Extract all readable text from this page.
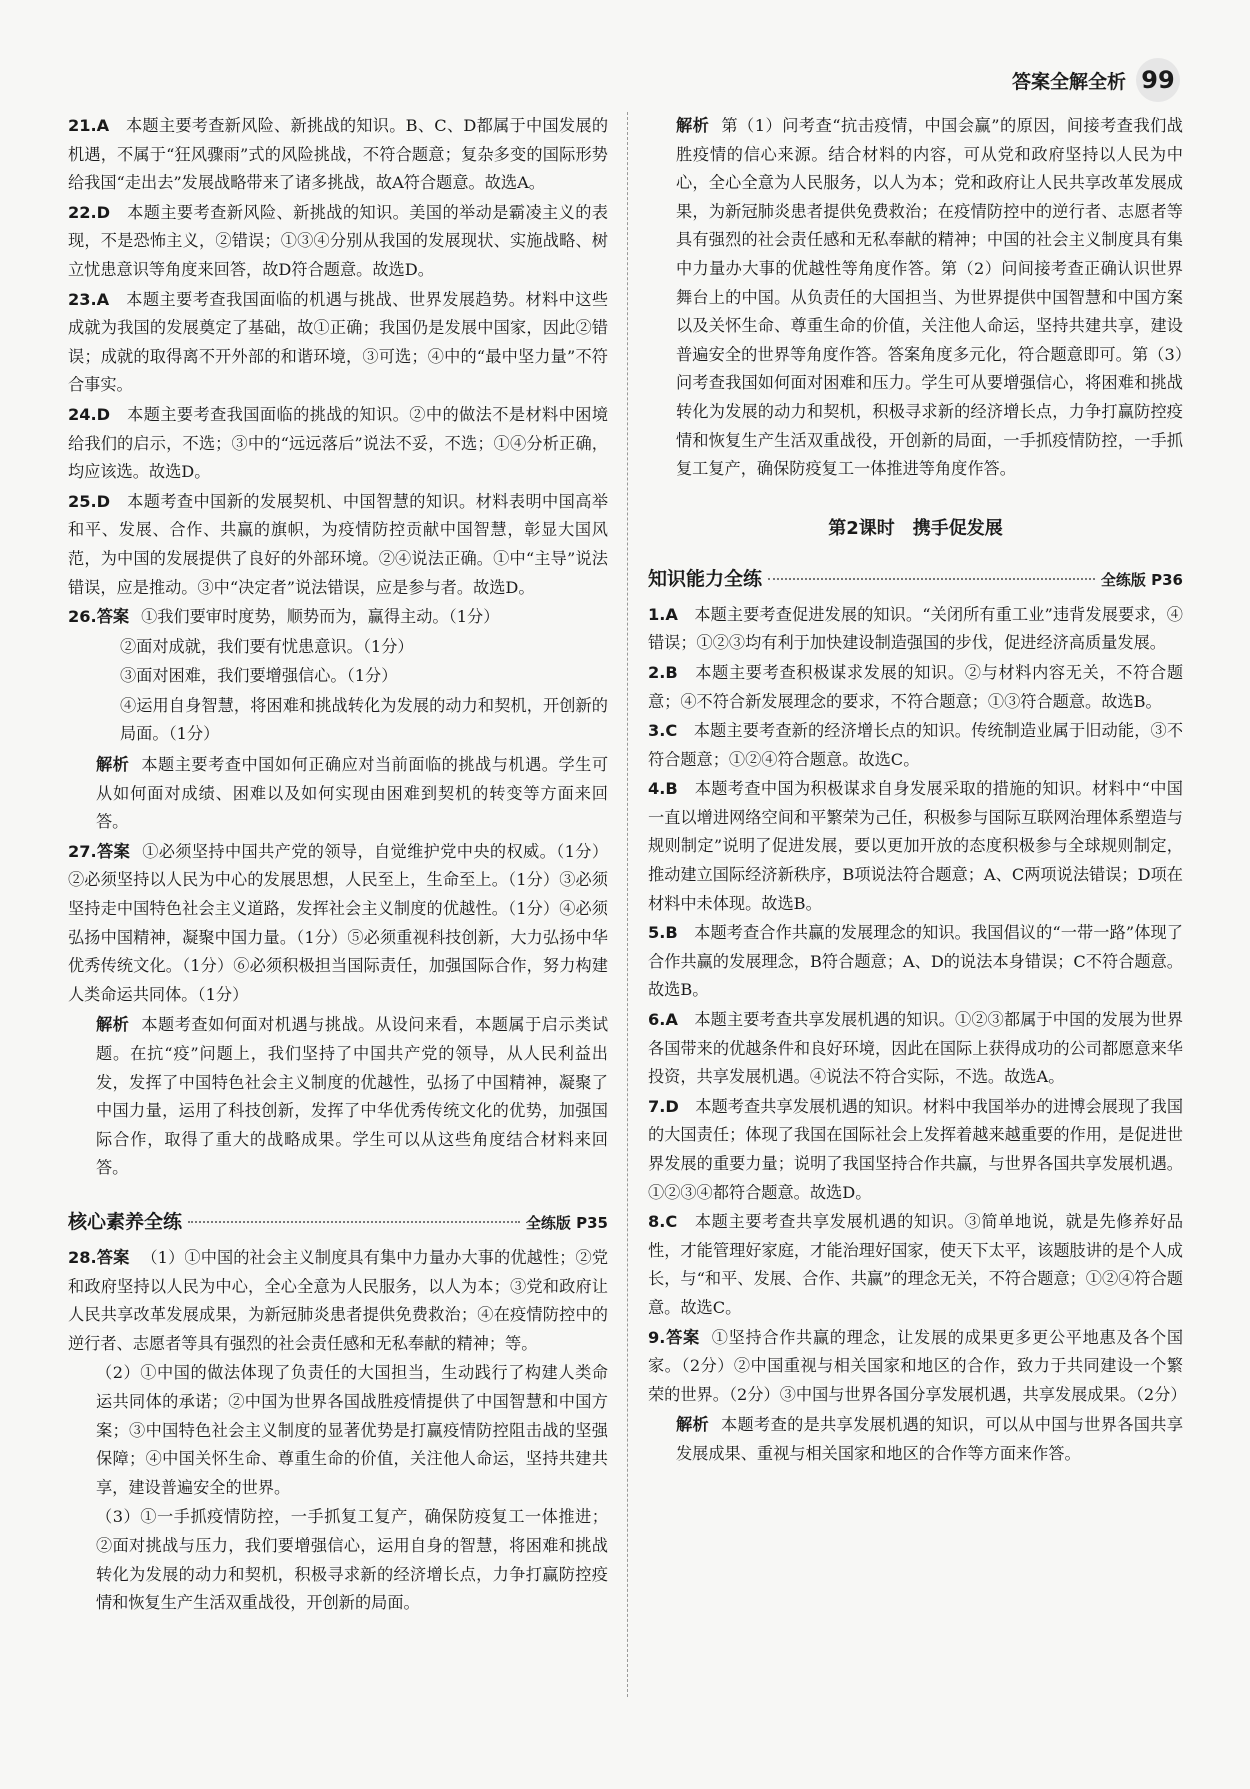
答案全解全析 99

21.A　 本题主要考查新风险、新挑战的知识。B、C、D都属于中国发展的机遇，不属于“狂风骤雨”式的风险挑战，不符合题意；复杂多变的国际形势给我国“走出去”发展战略带来了诸多挑战，故A符合题意。故选A。

22.D　 本题主要考查新风险、新挑战的知识。美国的举动是霸凌主义的表现，不是恐怖主义，②错误；①③④分别从我国的发展现状、实施战略、树立忧患意识等角度来回答，故D符合题意。故选D。

23.A　 本题主要考查我国面临的机遇与挑战、世界发展趋势。材料中这些成就为我国的发展奠定了基础，故①正确；我国仍是发展中国家，因此②错误；成就的取得离不开外部的和谐环境，③可选；④中的“最中坚力量”不符合事实。

24.D　 本题主要考查我国面临的挑战的知识。②中的做法不是材料中困境给我们的启示，不选；③中的“远远落后”说法不妥，不选；①④分析正确，均应该选。故选D。

25.D　 本题考查中国新的发展契机、中国智慧的知识。材料表明中国高举和平、发展、合作、共赢的旗帜，为疫情防控贡献中国智慧，彰显大国风范，为中国的发展提供了良好的外部环境。②④说法正确。①中“主导”说法错误，应是推动。③中“决定者”说法错误，应是参与者。故选D。

26.答案 ①我们要审时度势，顺势而为，赢得主动。（1分）

②面对成就，我们要有忧患意识。（1分）

③面对困难，我们要增强信心。（1分）

④运用自身智慧，将困难和挑战转化为发展的动力和契机，开创新的局面。（1分）

解析 本题主要考查中国如何正确应对当前面临的挑战与机遇。学生可从如何面对成绩、困难以及如何实现由困难到契机的转变等方面来回答。

27.答案 ①必须坚持中国共产党的领导，自觉维护党中央的权威。（1分）②必须坚持以人民为中心的发展思想，人民至上，生命至上。（1分）③必须坚持走中国特色社会主义道路，发挥社会主义制度的优越性。（1分）④必须弘扬中国精神，凝聚中国力量。（1分）⑤必须重视科技创新，大力弘扬中华优秀传统文化。（1分）⑥必须积极担当国际责任，加强国际合作，努力构建人类命运共同体。（1分）

解析 本题考查如何面对机遇与挑战。从设问来看，本题属于启示类试题。在抗“疫”问题上，我们坚持了中国共产党的领导，从人民利益出发，发挥了中国特色社会主义制度的优越性，弘扬了中国精神，凝聚了中国力量，运用了科技创新，发挥了中华优秀传统文化的优势，加强国际合作，取得了重大的战略成果。学生可以从这些角度结合材料来回答。

核心素养全练	全练版 P35

28.答案 （1）①中国的社会主义制度具有集中力量办大事的优越性；②党和政府坚持以人民为中心，全心全意为人民服务，以人为本；③党和政府让人民共享改革发展成果，为新冠肺炎患者提供免费救治；④在疫情防控中的逆行者、志愿者等具有强烈的社会责任感和无私奉献的精神；等。

（2）①中国的做法体现了负责任的大国担当，生动践行了构建人类命运共同体的承诺；②中国为世界各国战胜疫情提供了中国智慧和中国方案；③中国特色社会主义制度的显著优势是打赢疫情防控阻击战的坚强保障；④中国关怀生命、尊重生命的价值，关注他人命运，坚持共建共享，建设普遍安全的世界。

（3）①一手抓疫情防控，一手抓复工复产，确保防疫复工一体推进；②面对挑战与压力，我们要增强信心，运用自身的智慧，将困难和挑战转化为发展的动力和契机，积极寻求新的经济增长点，力争打赢防控疫情和恢复生产生活双重战役，开创新的局面。

解析 第（1）问考查“抗击疫情，中国会赢”的原因，间接考查我们战胜疫情的信心来源。结合材料的内容，可从党和政府坚持以人民为中心，全心全意为人民服务，以人为本；党和政府让人民共享改革发展成果，为新冠肺炎患者提供免费救治；在疫情防控中的逆行者、志愿者等具有强烈的社会责任感和无私奉献的精神；中国的社会主义制度具有集中力量办大事的优越性等角度作答。第（2）问间接考查正确认识世界舞台上的中国。从负责任的大国担当、为世界提供中国智慧和中国方案以及关怀生命、尊重生命的价值，关注他人命运，坚持共建共享，建设普遍安全的世界等角度作答。答案角度多元化，符合题意即可。第（3）问考查我国如何面对困难和压力。学生可从要增强信心，将困难和挑战转化为发展的动力和契机，积极寻求新的经济增长点，力争打赢防控疫情和恢复生产生活双重战役，开创新的局面，一手抓疫情防控，一手抓复工复产，确保防疫复工一体推进等角度作答。

第2课时　携手促发展
知识能力全练	全练版 P36

1.A　 本题主要考查促进发展的知识。“关闭所有重工业”违背发展要求，④错误；①②③均有利于加快建设制造强国的步伐，促进经济高质量发展。

2.B　 本题主要考查积极谋求发展的知识。②与材料内容无关，不符合题意；④不符合新发展理念的要求，不符合题意；①③符合题意。故选B。

3.C　 本题主要考查新的经济增长点的知识。传统制造业属于旧动能，③不符合题意；①②④符合题意。故选C。

4.B　 本题考查中国为积极谋求自身发展采取的措施的知识。材料中“中国一直以增进网络空间和平繁荣为己任，积极参与国际互联网治理体系塑造与规则制定”说明了促进发展，要以更加开放的态度积极参与全球规则制定，推动建立国际经济新秩序，B项说法符合题意；A、C两项说法错误；D项在材料中未体现。故选B。

5.B　 本题考查合作共赢的发展理念的知识。我国倡议的“一带一路”体现了合作共赢的发展理念，B符合题意；A、D的说法本身错误；C不符合题意。故选B。

6.A　 本题主要考查共享发展机遇的知识。①②③都属于中国的发展为世界各国带来的优越条件和良好环境，因此在国际上获得成功的公司都愿意来华投资，共享发展机遇。④说法不符合实际，不选。故选A。

7.D　 本题考查共享发展机遇的知识。材料中我国举办的进博会展现了我国的大国责任；体现了我国在国际社会上发挥着越来越重要的作用，是促进世界发展的重要力量；说明了我国坚持合作共赢，与世界各国共享发展机遇。①②③④都符合题意。故选D。

8.C　 本题主要考查共享发展机遇的知识。③简单地说，就是先修养好品性，才能管理好家庭，才能治理好国家，使天下太平，该题肢讲的是个人成长，与“和平、发展、合作、共赢”的理念无关，不符合题意；①②④符合题意。故选C。

9.答案 ①坚持合作共赢的理念，让发展的成果更多更公平地惠及各个国家。（2分）②中国重视与相关国家和地区的合作，致力于共同建设一个繁荣的世界。（2分）③中国与世界各国分享发展机遇，共享发展成果。（2分）

解析 本题考查的是共享发展机遇的知识，可以从中国与世界各国共享发展成果、重视与相关国家和地区的合作等方面来作答。
